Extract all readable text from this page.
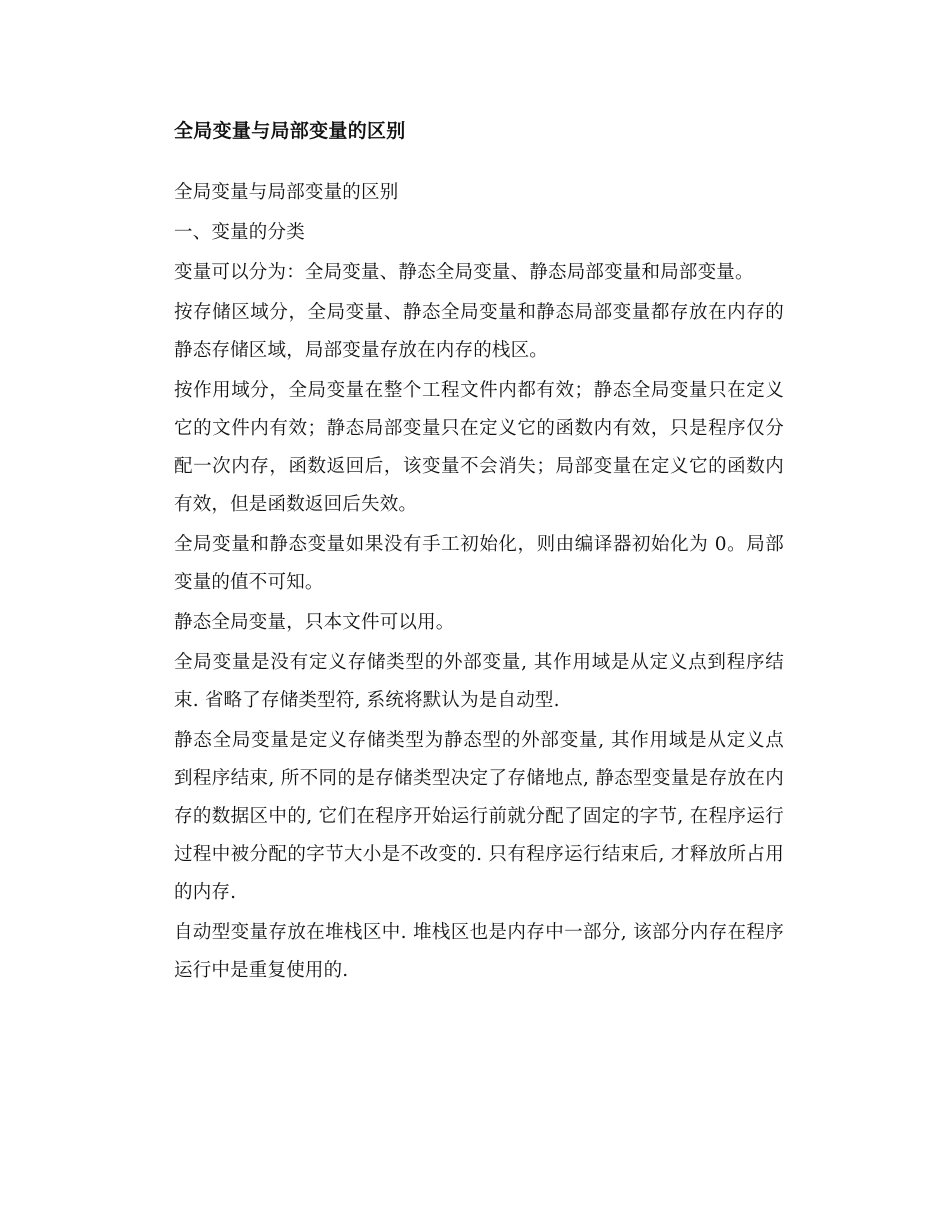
全局变量与局部变量的区别

全局变量与局部变量的区别

一、变量的分类

变量可以分为：全局变量、静态全局变量、静态局部变量和局部变量。

按存储区域分，全局变量、静态全局变量和静态局部变量都存放在内存的静态存储区域，局部变量存放在内存的栈区。

按作用域分，全局变量在整个工程文件内都有效；静态全局变量只在定义它的文件内有效；静态局部变量只在定义它的函数内有效，只是程序仅分配一次内存，函数返回后，该变量不会消失；局部变量在定义它的函数内有效，但是函数返回后失效。

全局变量和静态变量如果没有手工初始化，则由编译器初始化为 0。局部变量的值不可知。

静态全局变量，只本文件可以用。

全局变量是没有定义存储类型的外部变量, 其作用域是从定义点到程序结束. 省略了存储类型符, 系统将默认为是自动型.

静态全局变量是定义存储类型为静态型的外部变量, 其作用域是从定义点到程序结束, 所不同的是存储类型决定了存储地点, 静态型变量是存放在内存的数据区中的, 它们在程序开始运行前就分配了固定的字节, 在程序运行过程中被分配的字节大小是不改变的. 只有程序运行结束后, 才释放所占用的内存.

自动型变量存放在堆栈区中. 堆栈区也是内存中一部分, 该部分内存在程序运行中是重复使用的.
